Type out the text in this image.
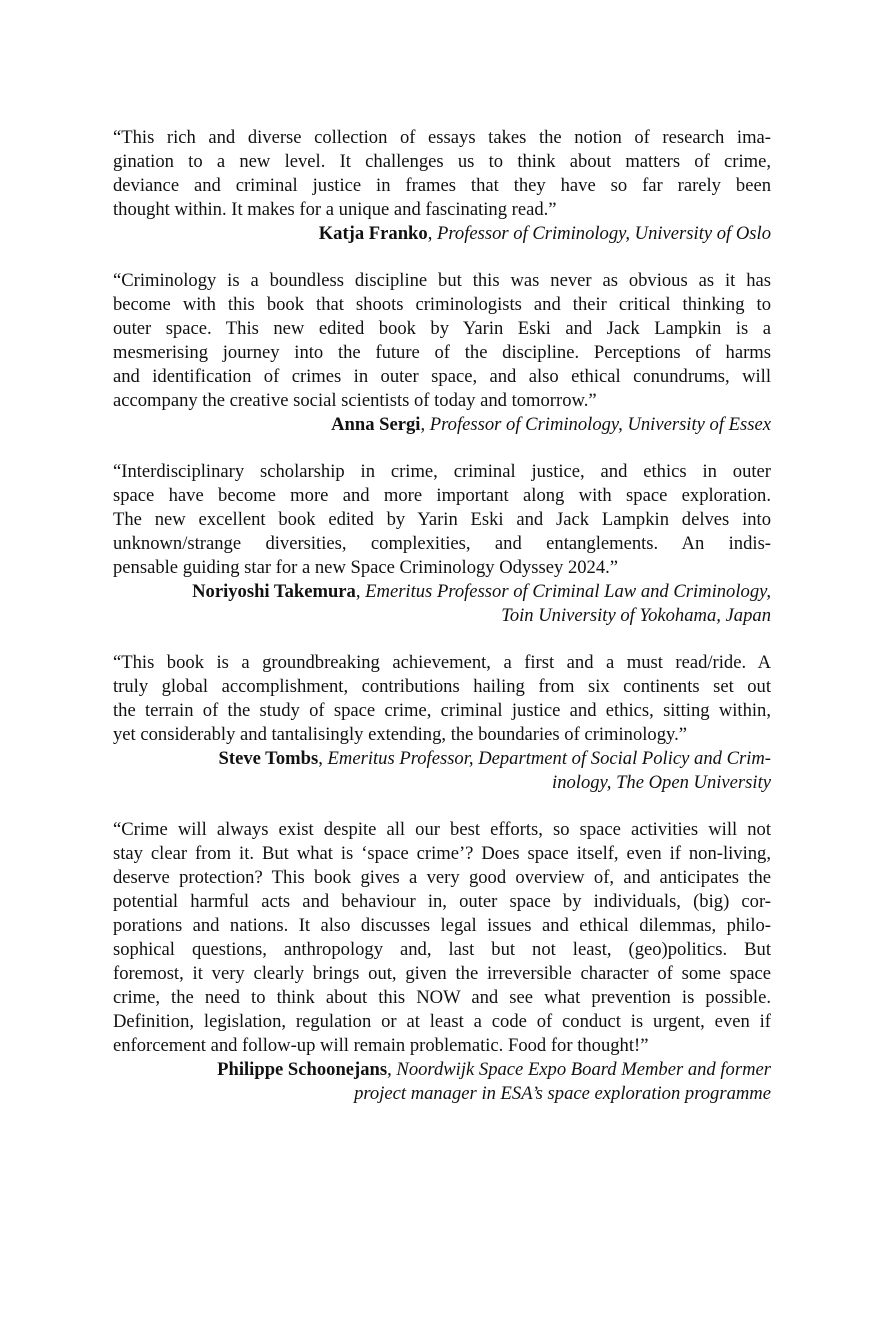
“This rich and diverse collection of essays takes the notion of research ima-
gination to a new level. It challenges us to think about matters of crime,
deviance and criminal justice in frames that they have so far rarely been
thought within. It makes for a unique and fascinating read.”

Katja Franko, Professor of Criminology, University of Oslo

“Criminology is a boundless discipline but this was never as obvious as it has
become with this book that shoots criminologists and their critical thinking to
outer space. This new edited book by Yarin Eski and Jack Lampkin is a
mesmerising journey into the future of the discipline. Perceptions of harms
and identification of crimes in outer space, and also ethical conundrums, will
accompany the creative social scientists of today and tomorrow.”

Anna Sergi, Professor of Criminology, University of Essex

“Interdisciplinary scholarship in crime, criminal justice, and ethics in outer
space have become more and more important along with space exploration.
The new excellent book edited by Yarin Eski and Jack Lampkin delves into
unknown/strange diversities, complexities, and entanglements. An indis-
pensable guiding star for a new Space Criminology Odyssey 2024.”

Noriyoshi Takemura, Emeritus Professor of Criminal Law and Criminology,
Toin University of Yokohama, Japan

“This book is a groundbreaking achievement, a first and a must read/ride. A
truly global accomplishment, contributions hailing from six continents set out
the terrain of the study of space crime, criminal justice and ethics, sitting within,
yet considerably and tantalisingly extending, the boundaries of criminology.”

Steve Tombs, Emeritus Professor, Department of Social Policy and Crim-
inology, The Open University

“Crime will always exist despite all our best efforts, so space activities will not
stay clear from it. But what is ‘space crime’? Does space itself, even if non-living,
deserve protection? This book gives a very good overview of, and anticipates the
potential harmful acts and behaviour in, outer space by individuals, (big) cor-
porations and nations. It also discusses legal issues and ethical dilemmas, philo-
sophical questions, anthropology and, last but not least, (geo)politics. But
foremost, it very clearly brings out, given the irreversible character of some space
crime, the need to think about this NOW and see what prevention is possible.
Definition, legislation, regulation or at least a code of conduct is urgent, even if
enforcement and follow-up will remain problematic. Food for thought!”

Philippe Schoonejans, Noordwijk Space Expo Board Member and former
project manager in ESA’s space exploration programme
